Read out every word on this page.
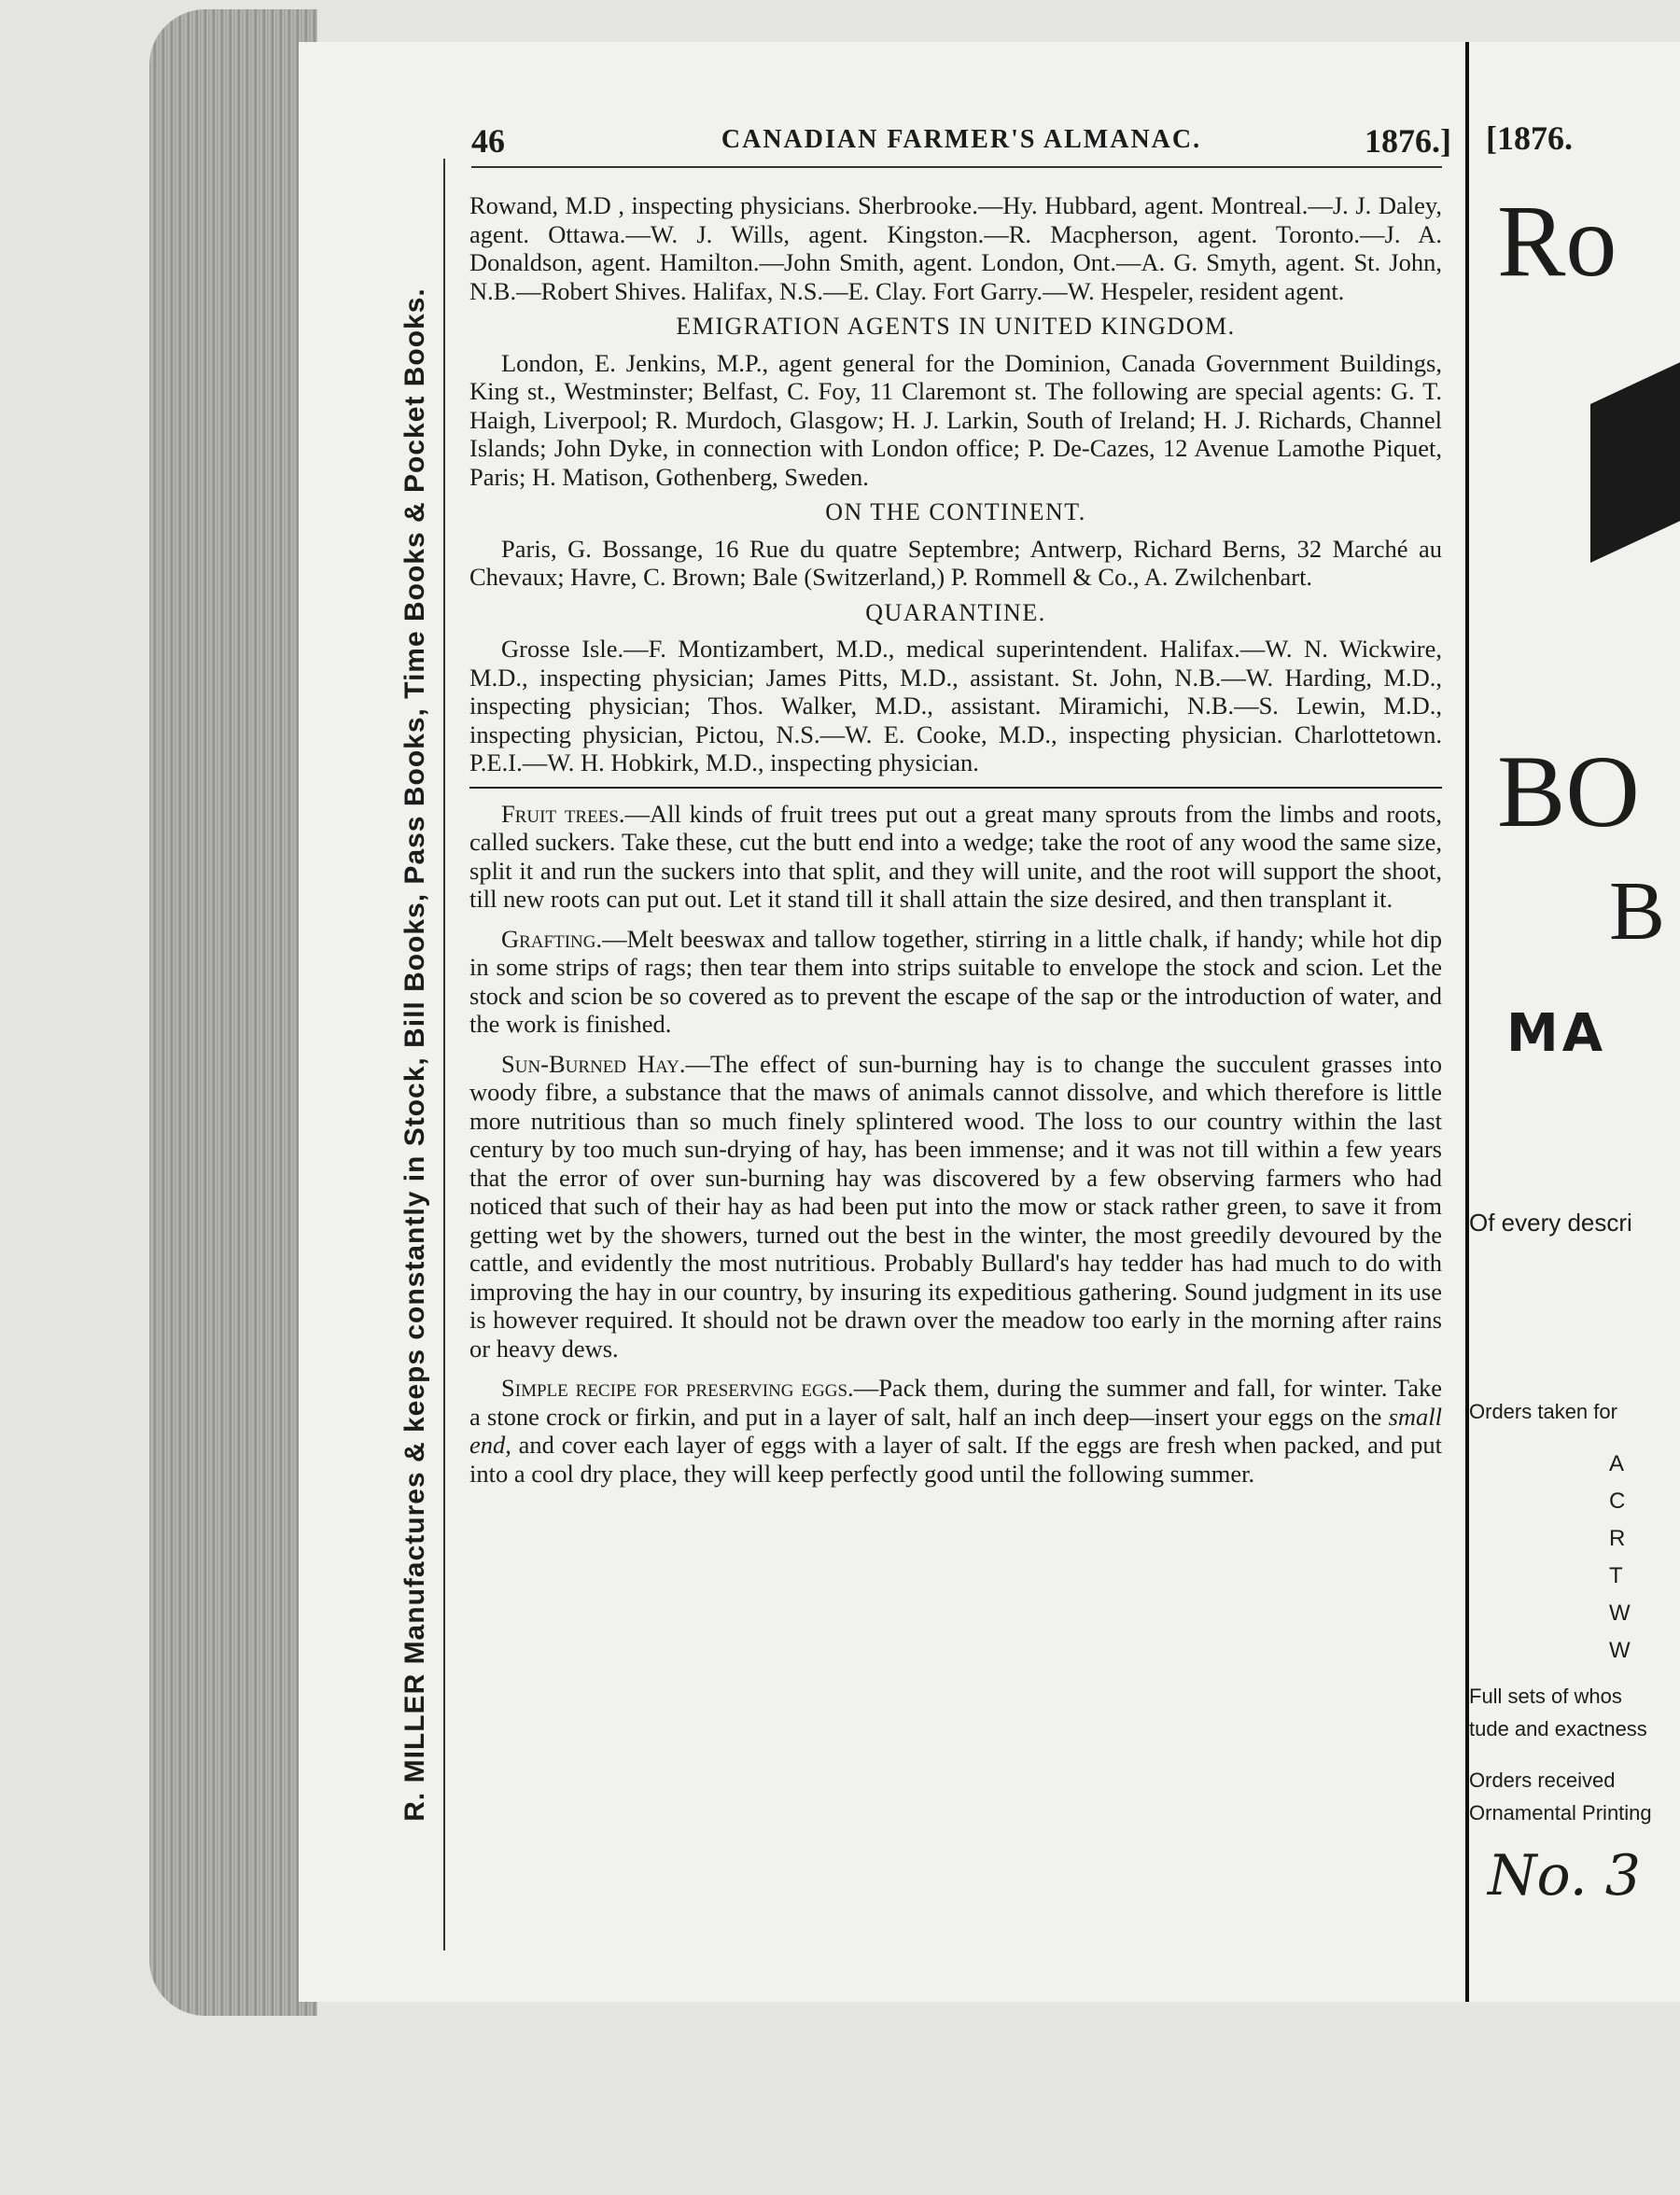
46	CANADIAN FARMER'S ALMANAC.	1876.]
R. MILLER Manufactures & keeps constantly in Stock, Bill Books, Pass Books, Time Books & Pocket Books.

Rowand, M.D , inspecting physicians. Sherbrooke.—Hy. Hubbard, agent. Montreal.—J. J. Daley, agent. Ottawa.—W. J. Wills, agent. Kingston.—R. Macpherson, agent. Toronto.—J. A. Donaldson, agent. Hamilton.—John Smith, agent. London, Ont.—A. G. Smyth, agent. St. John, N.B.—Robert Shives. Halifax, N.S.—E. Clay. Fort Garry.—W. Hespeler, resident agent.

EMIGRATION AGENTS IN UNITED KINGDOM.

London, E. Jenkins, M.P., agent general for the Dominion, Canada Government Buildings, King st., Westminster; Belfast, C. Foy, 11 Claremont st. The following are special agents: G. T. Haigh, Liverpool; R. Murdoch, Glasgow; H. J. Larkin, South of Ireland; H. J. Richards, Channel Islands; John Dyke, in connection with London office; P. De-Cazes, 12 Avenue Lamothe Piquet, Paris; H. Matison, Gothenberg, Sweden.

ON THE CONTINENT.

Paris, G. Bossange, 16 Rue du quatre Septembre; Antwerp, Richard Berns, 32 Marché au Chevaux; Havre, C. Brown; Bale (Switzerland,) P. Rommell & Co., A. Zwilchenbart.

QUARANTINE.

Grosse Isle.—F. Montizambert, M.D., medical superintendent. Halifax.—W. N. Wickwire, M.D., inspecting physician; James Pitts, M.D., assistant. St. John, N.B.—W. Harding, M.D., inspecting physician; Thos. Walker, M.D., assistant. Miramichi, N.B.—S. Lewin, M.D., inspecting physician, Pictou, N.S.—W. E. Cooke, M.D., inspecting physician. Charlottetown. P.E.I.—W. H. Hobkirk, M.D., inspecting physician.

Fruit trees.—All kinds of fruit trees put out a great many sprouts from the limbs and roots, called suckers. Take these, cut the butt end into a wedge; take the root of any wood the same size, split it and run the suckers into that split, and they will unite, and the root will support the shoot, till new roots can put out. Let it stand till it shall attain the size desired, and then transplant it.

Grafting.—Melt beeswax and tallow together, stirring in a little chalk, if handy; while hot dip in some strips of rags; then tear them into strips suitable to envelope the stock and scion. Let the stock and scion be so covered as to prevent the escape of the sap or the introduction of water, and the work is finished.

Sun-Burned Hay.—The effect of sun-burning hay is to change the succulent grasses into woody fibre, a substance that the maws of animals cannot dissolve, and which therefore is little more nutritious than so much finely splintered wood. The loss to our country within the last century by too much sun-drying of hay, has been immense; and it was not till within a few years that the error of over sun-burning hay was discovered by a few observing farmers who had noticed that such of their hay as had been put into the mow or stack rather green, to save it from getting wet by the showers, turned out the best in the winter, the most greedily devoured by the cattle, and evidently the most nutritious. Probably Bullard's hay tedder has had much to do with improving the hay in our country, by insuring its expeditious gathering. Sound judgment in its use is however required. It should not be drawn over the meadow too early in the morning after rains or heavy dews.

Simple recipe for preserving eggs.—Pack them, during the summer and fall, for winter. Take a stone crock or firkin, and put in a layer of salt, half an inch deep—insert your eggs on the small end, and cover each layer of eggs with a layer of salt. If the eggs are fresh when packed, and put into a cool dry place, they will keep perfectly good until the following summer.

[1876.
Ro
BO
B
MA
Of every descri
Orders taken for
A
C
R
T
W
W
Full sets of whos
tude and exactness
Orders received
Ornamental Printing
No. 3
